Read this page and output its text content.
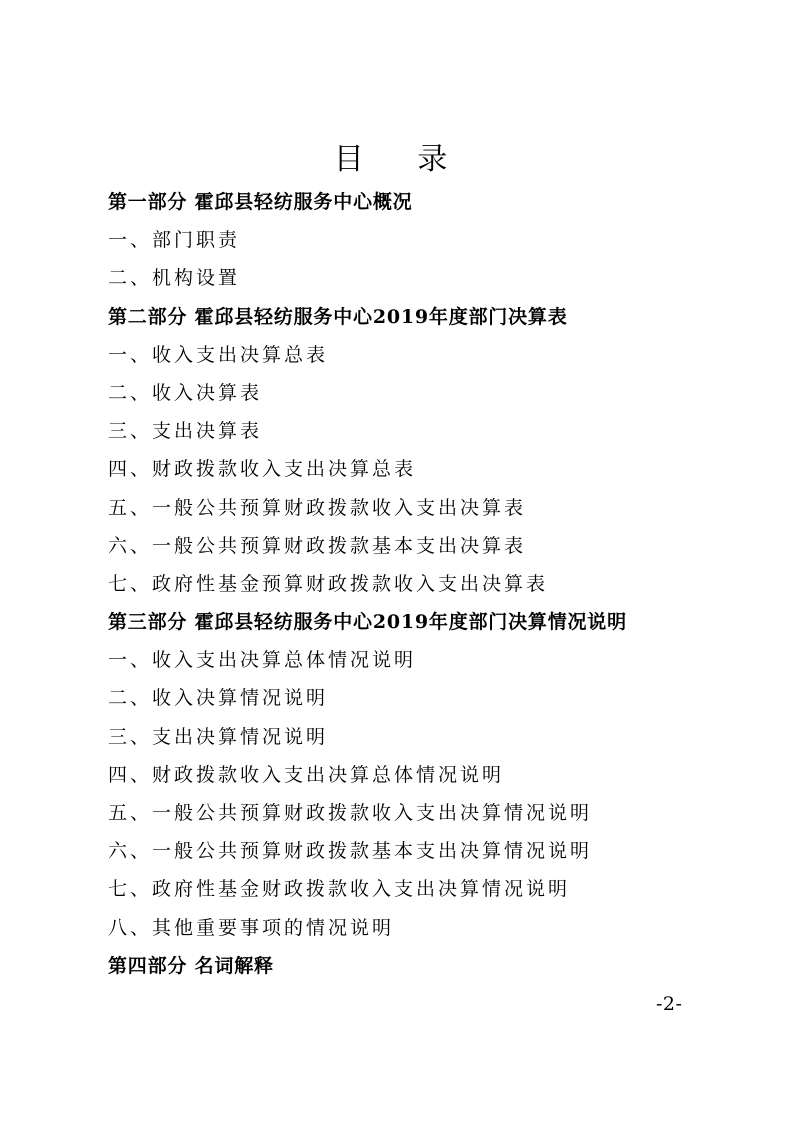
目 录
第一部分 霍邱县轻纺服务中心概况
一、部门职责
二、机构设置
第二部分 霍邱县轻纺服务中心2019年度部门决算表
一、收入支出决算总表
二、收入决算表
三、支出决算表
四、财政拨款收入支出决算总表
五、一般公共预算财政拨款收入支出决算表
六、一般公共预算财政拨款基本支出决算表
七、政府性基金预算财政拨款收入支出决算表
第三部分 霍邱县轻纺服务中心2019年度部门决算情况说明
一、收入支出决算总体情况说明
二、收入决算情况说明
三、支出决算情况说明
四、财政拨款收入支出决算总体情况说明
五、一般公共预算财政拨款收入支出决算情况说明
六、一般公共预算财政拨款基本支出决算情况说明
七、政府性基金财政拨款收入支出决算情况说明
八、其他重要事项的情况说明
第四部分 名词解释
-2-
